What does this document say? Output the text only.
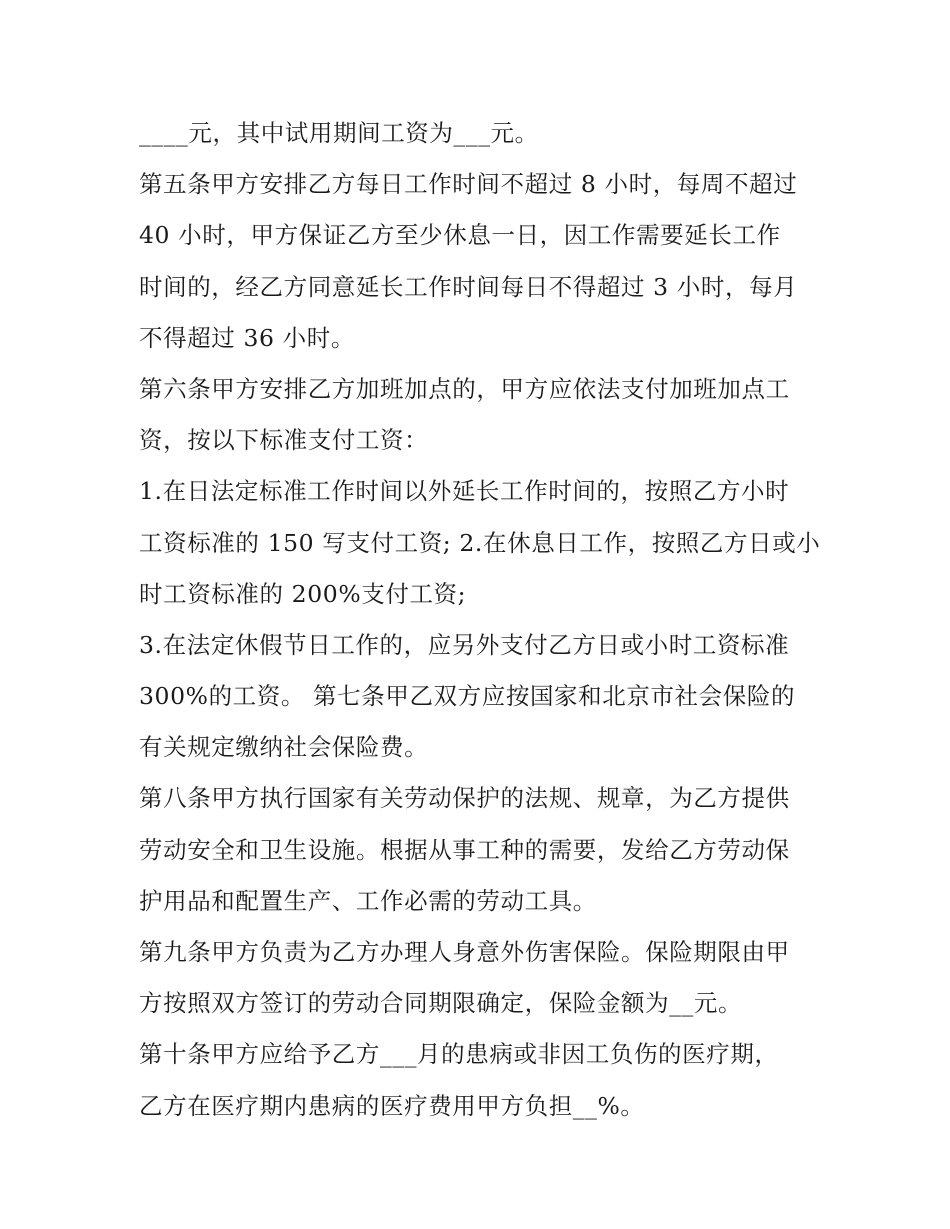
____元，其中试用期间工资为___元。
第五条甲方安排乙方每日工作时间不超过 8 小时，每周不超过
40 小时，甲方保证乙方至少休息一日，因工作需要延长工作
时间的，经乙方同意延长工作时间每日不得超过 3 小时，每月
不得超过 36 小时。
第六条甲方安排乙方加班加点的，甲方应依法支付加班加点工
资，按以下标准支付工资：
1.在日法定标准工作时间以外延长工作时间的，按照乙方小时
工资标准的 150 写支付工资; 2.在休息日工作，按照乙方日或小
时工资标准的 200%支付工资;
3.在法定休假节日工作的，应另外支付乙方日或小时工资标准
300%的工资。 第七条甲乙双方应按国家和北京市社会保险的
有关规定缴纳社会保险费。
第八条甲方执行国家有关劳动保护的法规、规章，为乙方提供
劳动安全和卫生设施。根据从事工种的需要，发给乙方劳动保
护用品和配置生产、工作必需的劳动工具。
第九条甲方负责为乙方办理人身意外伤害保险。保险期限由甲
方按照双方签订的劳动合同期限确定，保险金额为__元。
第十条甲方应给予乙方___月的患病或非因工负伤的医疗期，
乙方在医疗期内患病的医疗费用甲方负担__%。
